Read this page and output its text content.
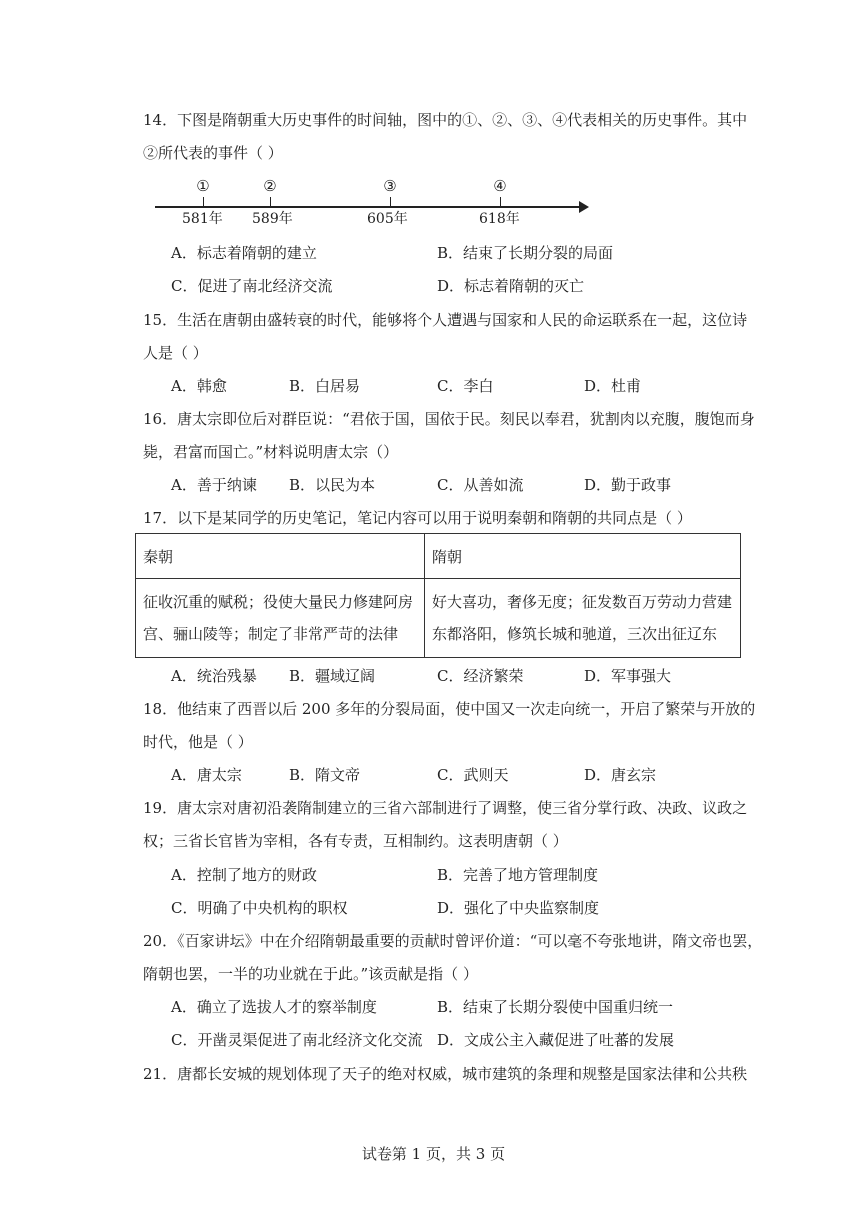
14．下图是隋朝重大历史事件的时间轴，图中的①、②、③、④代表相关的历史事件。其中
②所代表的事件（ ）
①	②	③	④
581年 589年	605年	618年
A．标志着隋朝的建立	B．结束了长期分裂的局面
C．促进了南北经济交流	D．标志着隋朝的灭亡
15．生活在唐朝由盛转衰的时代，能够将个人遭遇与国家和人民的命运联系在一起，这位诗
人是（ ）
A．韩愈	B．白居易	C．李白	D．杜甫
16．唐太宗即位后对群臣说：“君依于国，国依于民。刻民以奉君，犹割肉以充腹，腹饱而身
毙，君富而国亡。”材料说明唐太宗（）
A．善于纳谏 B．以民为本	C．从善如流	D．勤于政事
17．以下是某同学的历史笔记，笔记内容可以用于说明秦朝和隋朝的共同点是（ ）
秦朝	隋朝
征收沉重的赋税；役使大量民力修建阿房宫、骊山陵等；制定了非常严苛的法律	好大喜功，奢侈无度；征发数百万劳动力营建东都洛阳，修筑长城和驰道，三次出征辽东
A．统治残暴 B．疆域辽阔	C．经济繁荣	D．军事强大
18．他结束了西晋以后 200 多年的分裂局面，使中国又一次走向统一，开启了繁荣与开放的
时代，他是（ ）
A．唐太宗	B．隋文帝	C．武则天	D．唐玄宗
19．唐太宗对唐初沿袭隋制建立的三省六部制进行了调整，使三省分掌行政、决政、议政之
权；三省长官皆为宰相，各有专责，互相制约。这表明唐朝（ ）
A．控制了地方的财政	B．完善了地方管理制度
C．明确了中央机构的职权	D．强化了中央监察制度
20．《百家讲坛》中在介绍隋朝最重要的贡献时曾评价道：“可以毫不夸张地讲，隋文帝也罢，
隋朝也罢，一半的功业就在于此。”该贡献是指（ ）
A．确立了选拔人才的察举制度	B．结束了长期分裂使中国重归统一
C．开凿灵渠促进了南北经济文化交流 D．文成公主入藏促进了吐蕃的发展
21．唐都长安城的规划体现了天子的绝对权威，城市建筑的条理和规整是国家法律和公共秩
试卷第 1 页，共 3 页
